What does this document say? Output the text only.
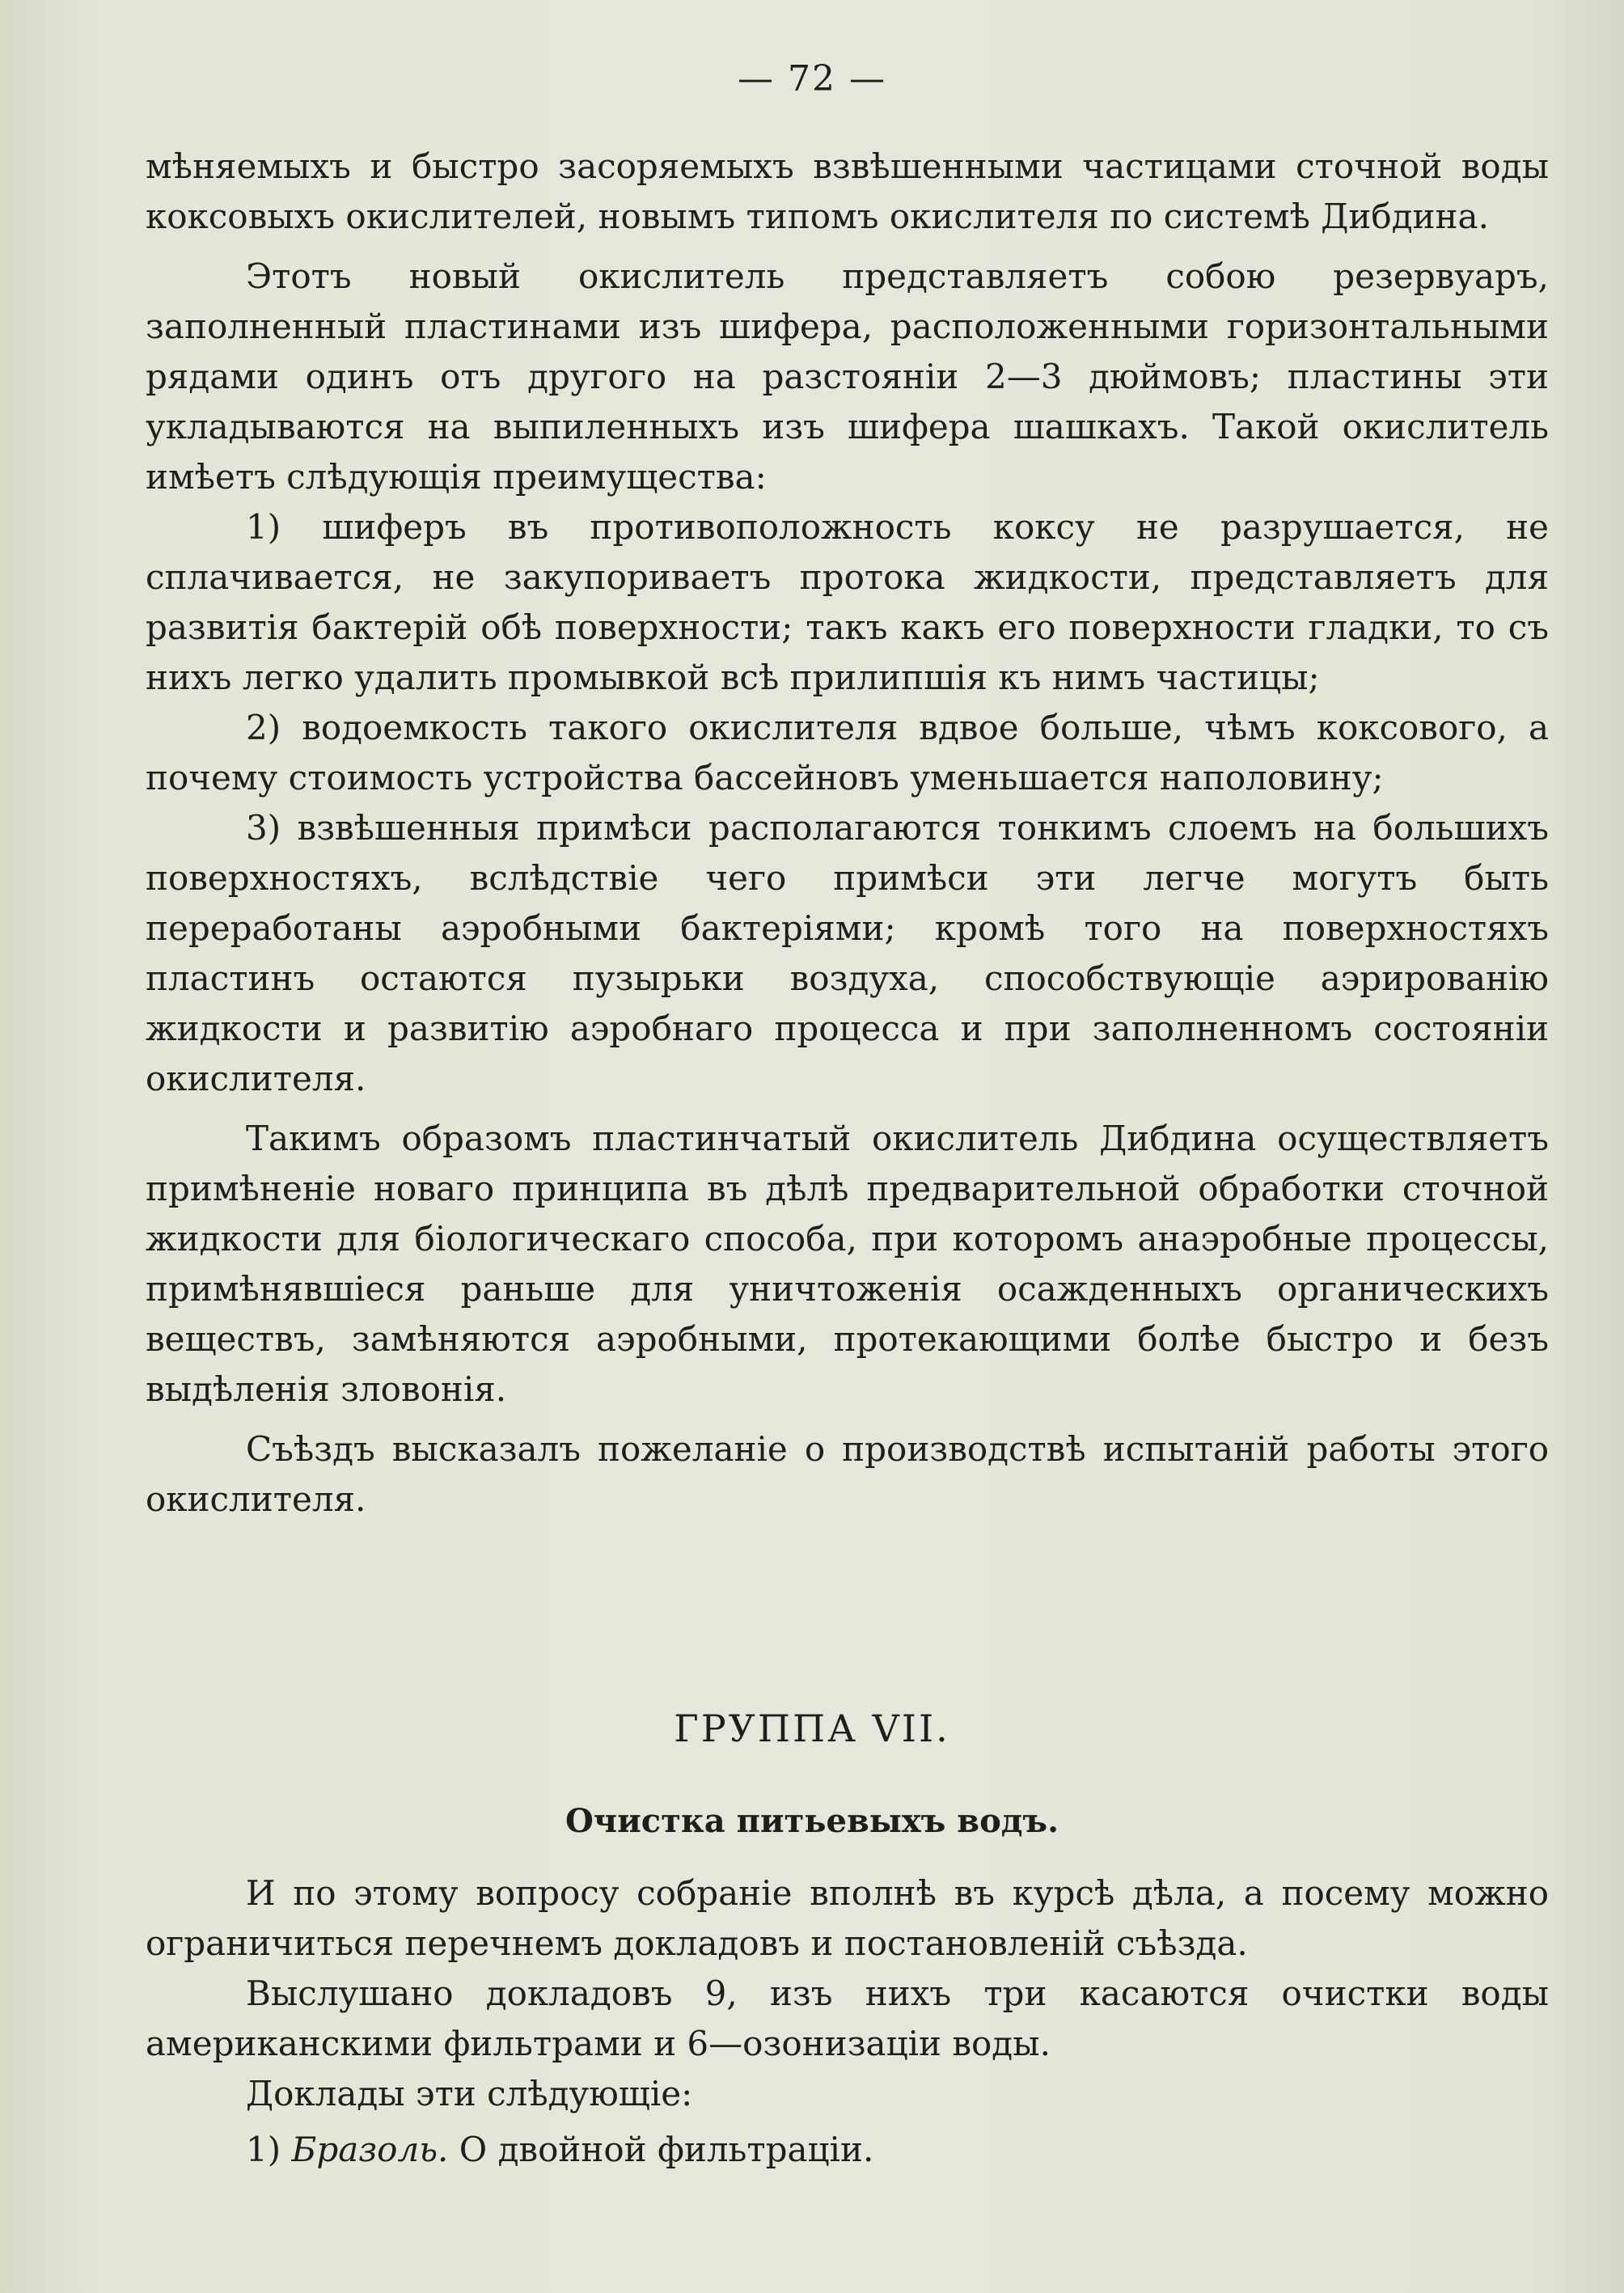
— 72 —

мѣняемыхъ и быстро засоряемыхъ взвѣшенными частицами сточной воды коксовыхъ окислителей, новымъ типомъ окислителя по системѣ Дибдина.

Этотъ новый окислитель представляетъ собою резервуаръ, заполненный пластинами изъ шифера, расположенными горизонтальными рядами одинъ отъ другого на разстояніи 2—3 дюймовъ; пластины эти укладываются на выпиленныхъ изъ шифера шашкахъ. Такой окислитель имѣетъ слѣдующія преимущества:

1) шиферъ въ противоположность коксу не разрушается, не сплачивается, не закупориваетъ протока жидкости, представляетъ для развитія бактерій обѣ поверхности; такъ какъ его поверхности гладки, то съ нихъ легко удалить промывкой всѣ прилипшія къ нимъ частицы;

2) водоемкость такого окислителя вдвое больше, чѣмъ коксового, а почему стоимость устройства бассейновъ уменьшается наполовину;

3) взвѣшенныя примѣси располагаются тонкимъ слоемъ на большихъ поверхностяхъ, вслѣдствіе чего примѣси эти легче могутъ быть переработаны аэробными бактеріями; кромѣ того на поверхностяхъ пластинъ остаются пузырьки воздуха, способствующіе аэрированію жидкости и развитію аэробнаго процесса и при заполненномъ состояніи окислителя.

Такимъ образомъ пластинчатый окислитель Дибдина осуществляетъ примѣненіе новаго принципа въ дѣлѣ предварительной обработки сточной жидкости для біологическаго способа, при которомъ анаэробные процессы, примѣнявшіеся раньше для уничтоженія осажденныхъ органическихъ веществъ, замѣняются аэробными, протекающими болѣе быстро и безъ выдѣленія зловонія.

Съѣздъ высказалъ пожеланіе о производствѣ испытаній работы этого окислителя.

ГРУППА VII.
Очистка питьевыхъ водъ.

И по этому вопросу собраніе вполнѣ въ курсѣ дѣла, а посему можно ограничиться перечнемъ докладовъ и постановленій съѣзда.

Выслушано докладовъ 9, изъ нихъ три касаются очистки воды американскими фильтрами и 6—озонизаціи воды.

Доклады эти слѣдующіе:

1) Бразоль. О двойной фильтраціи.
